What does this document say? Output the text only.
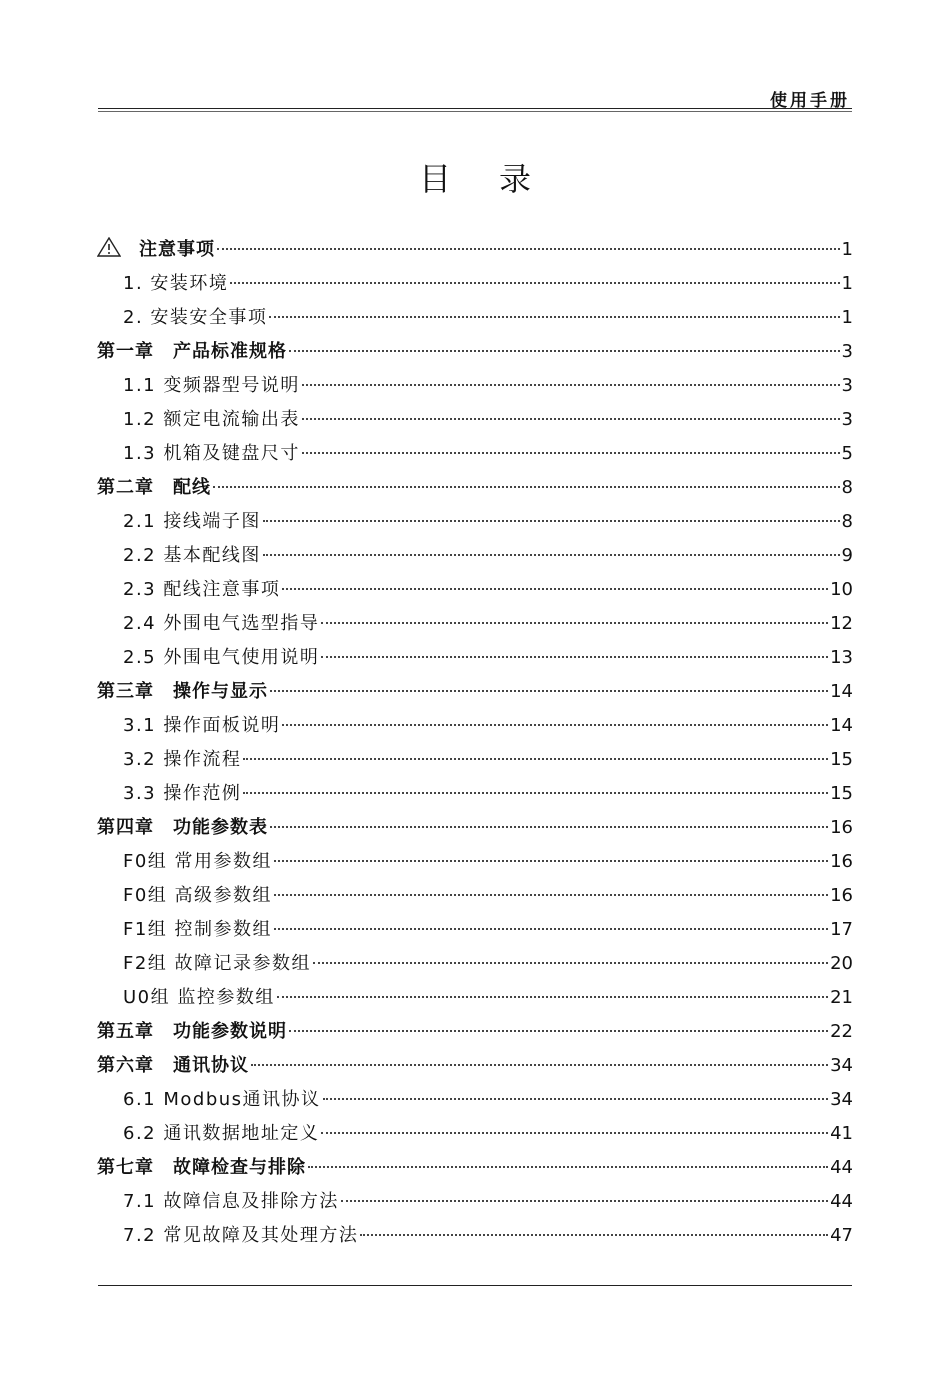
使用手册
目录
注意事项	1
1. 安装环境	1
2. 安装安全事项	1
第一章　产品标准规格	3
1.1 变频器型号说明	3
1.2 额定电流输出表	3
1.3 机箱及键盘尺寸	5
第二章　配线	8
2.1 接线端子图	8
2.2 基本配线图	9
2.3 配线注意事项	10
2.4 外围电气选型指导	12
2.5 外围电气使用说明	13
第三章　操作与显示	14
3.1 操作面板说明	14
3.2 操作流程	15
3.3 操作范例	15
第四章　功能参数表	16
F0组 常用参数组	16
F0组 高级参数组	16
F1组 控制参数组	17
F2组 故障记录参数组	20
U0组 监控参数组	21
第五章　功能参数说明	22
第六章　通讯协议	34
6.1 Modbus通讯协议	34
6.2 通讯数据地址定义	41
第七章　故障检查与排除	44
7.1 故障信息及排除方法	44
7.2 常见故障及其处理方法	47
